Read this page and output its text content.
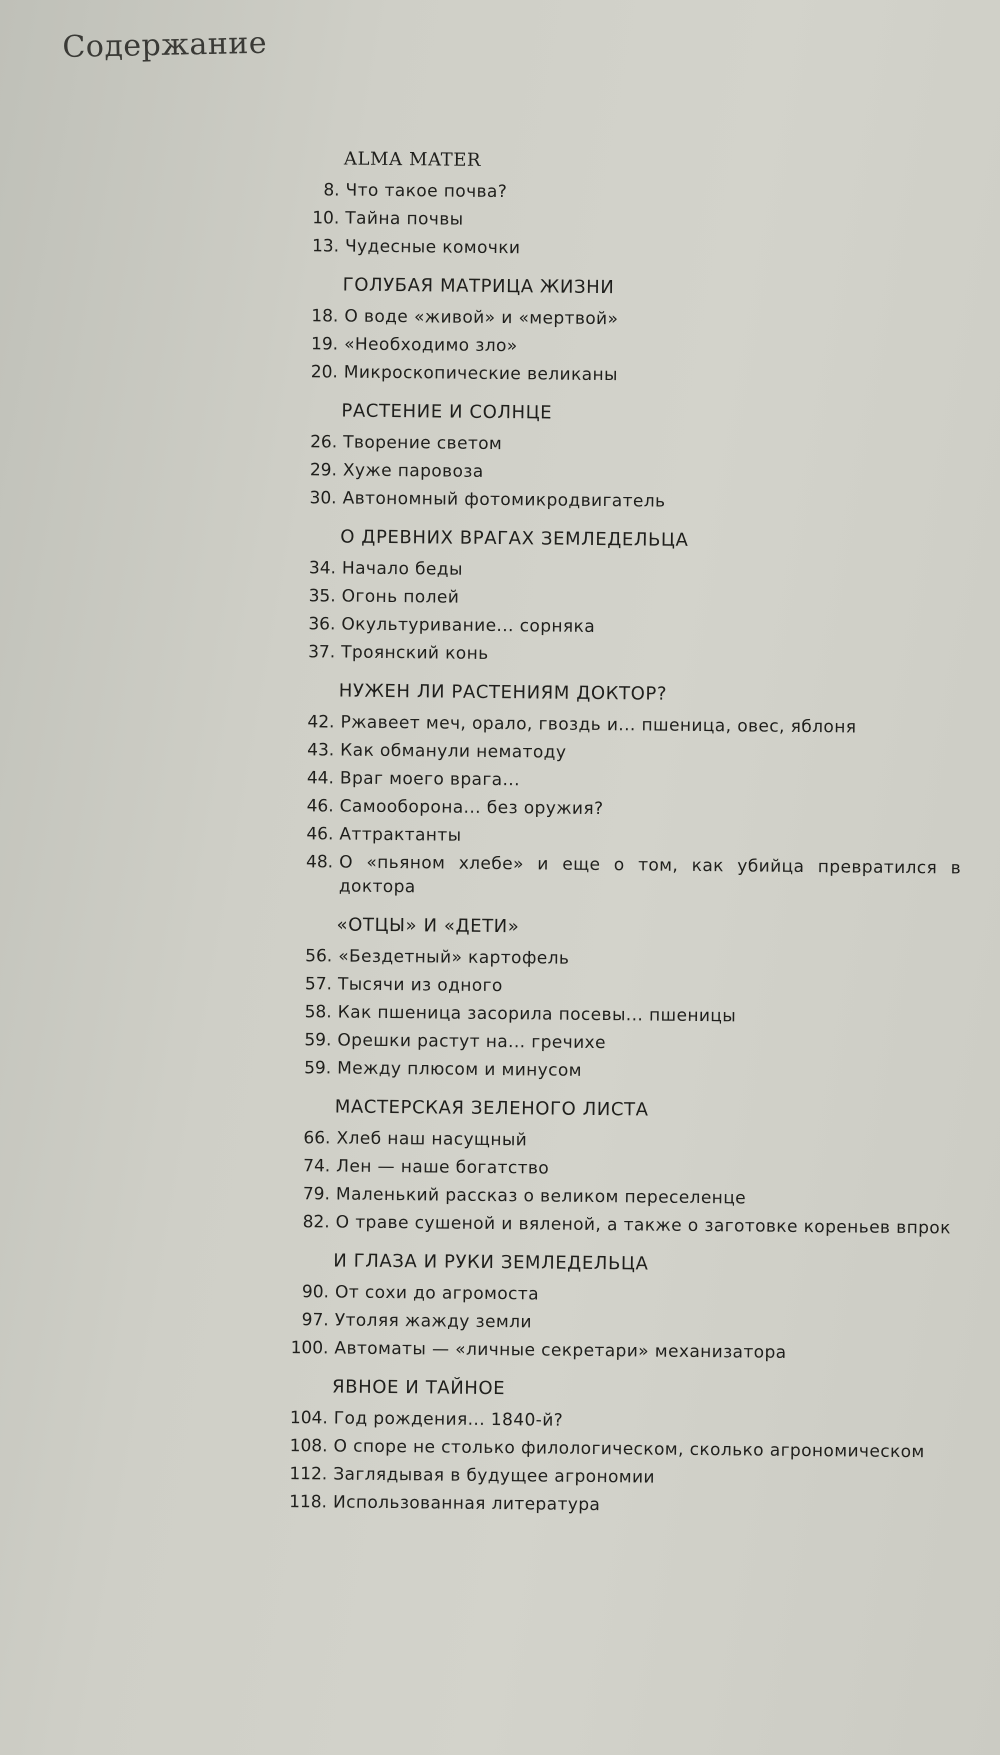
Содержание
ALMA MATER
8. Что такое почва?
10. Тайна почвы
13. Чудесные комочки
ГОЛУБАЯ МАТРИЦА ЖИЗНИ
18. О воде «живой» и «мертвой»
19. «Необходимо зло»
20. Микроскопические великаны
РАСТЕНИЕ И СОЛНЦЕ
26. Творение светом
29. Хуже паровоза
30. Автономный фотомикродвигатель
О ДРЕВНИХ ВРАГАХ ЗЕМЛЕДЕЛЬЦА
34. Начало беды
35. Огонь полей
36. Окультуривание... сорняка
37. Троянский конь
НУЖЕН ЛИ РАСТЕНИЯМ ДОКТОР?
42. Ржавеет меч, орало, гвоздь и... пшеница, овес, яблоня
43. Как обманули нематоду
44. Враг моего врага...
46. Самооборона... без оружия?
46. Аттрактанты
48. О «пьяном хлебе» и еще о том, как убийца превратился в доктора
«ОТЦЫ» И «ДЕТИ»
56. «Бездетный» картофель
57. Тысячи из одного
58. Как пшеница засорила посевы... пшеницы
59. Орешки растут на... гречихе
59. Между плюсом и минусом
МАСТЕРСКАЯ ЗЕЛЕНОГО ЛИСТА
66. Хлеб наш насущный
74. Лен — наше богатство
79. Маленький рассказ о великом переселенце
82. О траве сушеной и вяленой, а также о заготовке кореньев впрок
И ГЛАЗА И РУКИ ЗЕМЛЕДЕЛЬЦА
90. От сохи до агромоста
97. Утоляя жажду земли
100. Автоматы — «личные секретари» механизатора
ЯВНОЕ И ТАЙНОЕ
104. Год рождения... 1840-й?
108. О споре не столько филологическом, сколько агрономическом
112. Заглядывая в будущее агрономии
118. Использованная литература
